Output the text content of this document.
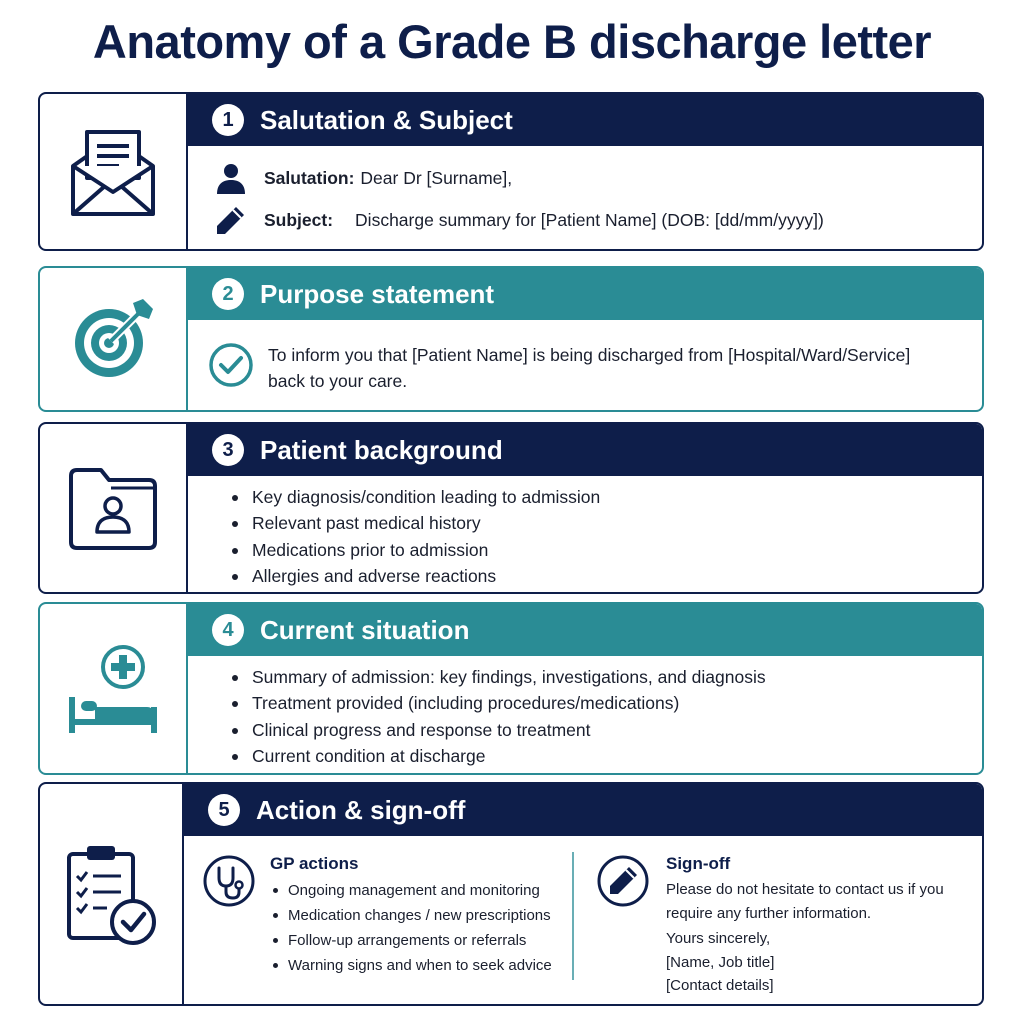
Anatomy of a Grade B discharge letter
1	Salutation & Subject
Salutation: Dear Dr [Surname],
Subject: Discharge summary for [Patient Name] (DOB: [dd/mm/yyyy])
2	Purpose statement
To inform you that [Patient Name] is being discharged from [Hospital/Ward/Service]
back to your care.
3	Patient background
Key diagnosis/condition leading to admission
Relevant past medical history
Medications prior to admission
Allergies and adverse reactions
4	Current situation
Summary of admission: key findings, investigations, and diagnosis
Treatment provided (including procedures/medications)
Clinical progress and response to treatment
Current condition at discharge
5	Action & sign-off
GP actions
Ongoing management and monitoring
Medication changes / new prescriptions
Follow-up arrangements or referrals
Warning signs and when to seek advice
Sign-off

Please do not hesitate to contact us if you

require any further information.

Yours sincerely,

[Name, Job title]

[Contact details]
